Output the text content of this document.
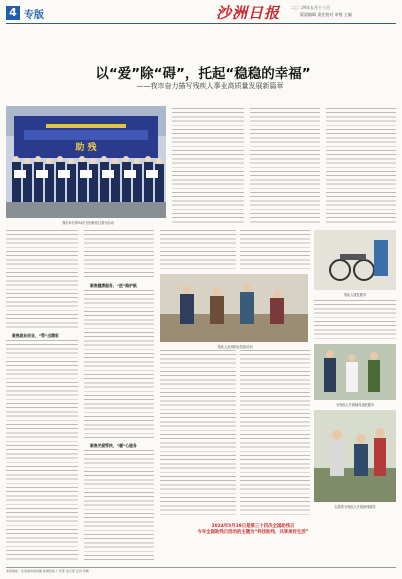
4 专版	沙洲日报 二〇二四年五月十三日
版面编辑 责任校对 审签 主编
以“爱”除“碍”，托起“稳稳的幸福”
——我市奋力描写残疾人事业高质量发展新篇章
助 残
我市举办第34次全国助残日系列活动
聚焦就业创业，“帮”出精彩
聚焦健康服务，“医”路护航
聚焦关爱帮扶，“暖”心服务
残疾人参加职业技能培训
残疾人康复服务
为残疾人开展辅具适配服务
志愿者为残疾人开展助残服务
2024年5月19日是第三十四次全国助残日
今年全国助残日活动的主题为“科技助残，共享美好生活”
本报地址：张家港市杨舍镇 新闻热线 广告部 发行部 定价 印刷
